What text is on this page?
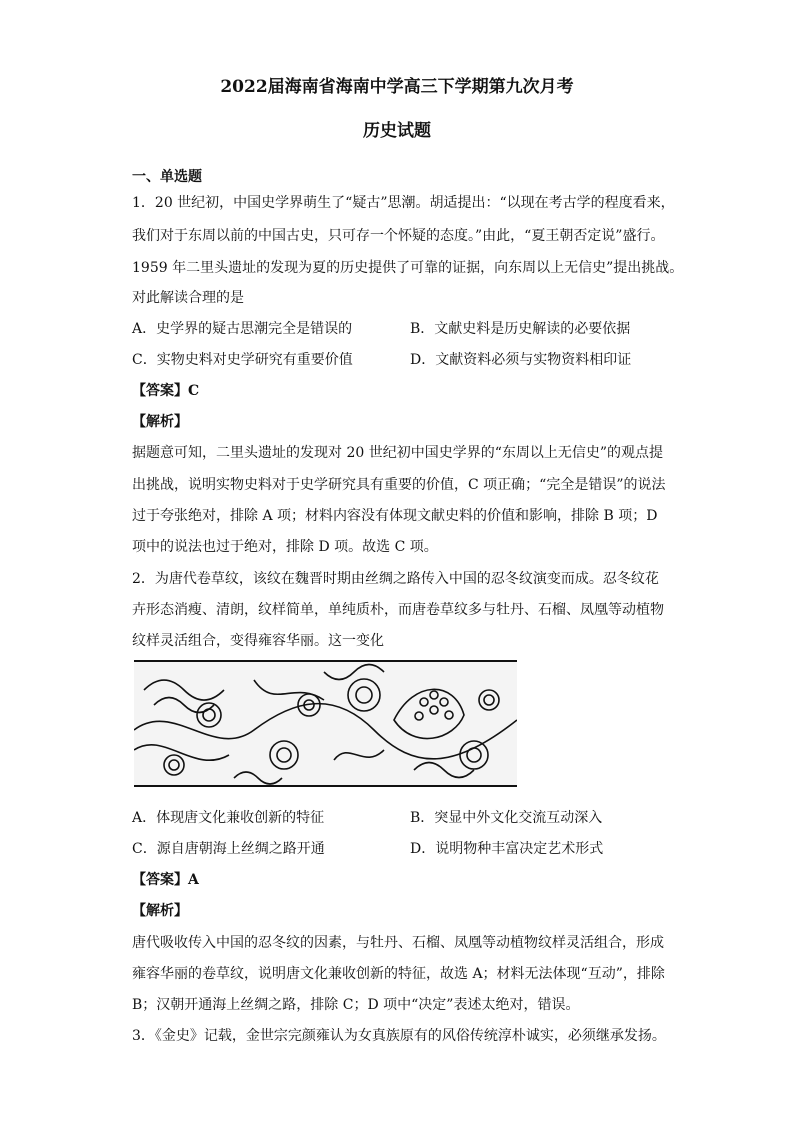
2022届海南省海南中学高三下学期第九次月考
历史试题
一、单选题
1．20 世纪初，中国史学界萌生了“疑古”思潮。胡适提出：“以现在考古学的程度看来，
我们对于东周以前的中国古史，只可存一个怀疑的态度。”由此，“夏王朝否定说”盛行。
1959 年二里头遗址的发现为夏的历史提供了可靠的证据，向东周以上无信史”提出挑战。
对此解读合理的是
A．史学界的疑古思潮完全是错误的	B．文献史料是历史解读的必要依据
C．实物史料对史学研究有重要价值	D．文献资料必须与实物资料相印证
【答案】C
【解析】
据题意可知，二里头遗址的发现对 20 世纪初中国史学界的“东周以上无信史”的观点提
出挑战，说明实物史料对于史学研究具有重要的价值，C 项正确；“完全是错误”的说法
过于夸张绝对，排除 A 项；材料内容没有体现文献史料的价值和影响，排除 B 项；D
项中的说法也过于绝对，排除 D 项。故选 C 项。
2．为唐代卷草纹，该纹在魏晋时期由丝绸之路传入中国的忍冬纹演变而成。忍冬纹花
卉形态消瘦、清朗，纹样简单，单纯质朴，而唐卷草纹多与牡丹、石榴、凤凰等动植物
纹样灵活组合，变得雍容华丽。这一变化
A．体现唐文化兼收创新的特征	B．突显中外文化交流互动深入
C．源自唐朝海上丝绸之路开通	D．说明物种丰富决定艺术形式
【答案】A
【解析】
唐代吸收传入中国的忍冬纹的因素，与牡丹、石榴、凤凰等动植物纹样灵活组合，形成
雍容华丽的卷草纹，说明唐文化兼收创新的特征，故选 A；材料无法体现“互动”，排除
B；汉朝开通海上丝绸之路，排除 C；D 项中“决定”表述太绝对，错误。
3．《金史》记载，金世宗完颜雍认为女真族原有的风俗传统淳朴诚实，必须继承发扬。
